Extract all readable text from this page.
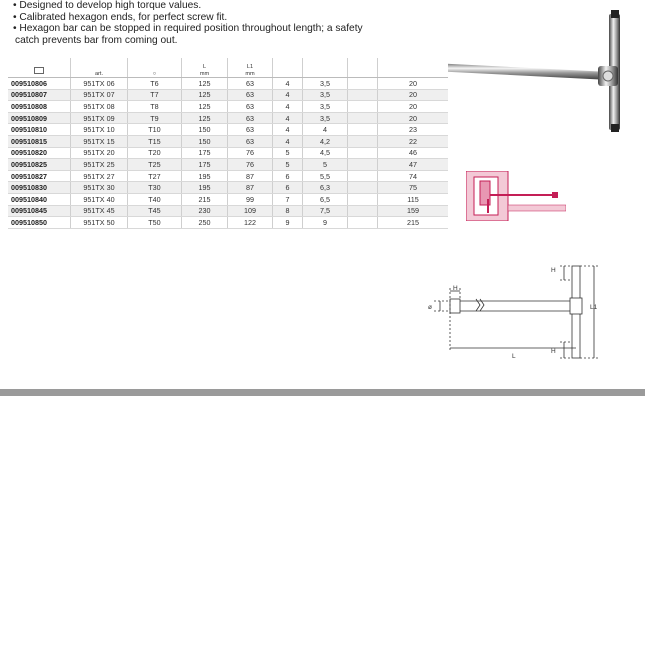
• Designed to develop high torque values.
• Calibrated hexagon ends, for perfect screw fit.
• Hexagon bar can be stopped in required position throughout length; a safety
catch prevents bar from coming out.
H
H
H
L1
L
ø
	art.	○	L
mm	L1
mm				
009510806	951TX 06	T6	125	63	4	3,5		20
009510807	951TX 07	T7	125	63	4	3,5		20
009510808	951TX 08	T8	125	63	4	3,5		20
009510809	951TX 09	T9	125	63	4	3,5		20
009510810	951TX 10	T10	150	63	4	4		23
009510815	951TX 15	T15	150	63	4	4,2		22
009510820	951TX 20	T20	175	76	5	4,5		46
009510825	951TX 25	T25	175	76	5	5		47
009510827	951TX 27	T27	195	87	6	5,5		74
009510830	951TX 30	T30	195	87	6	6,3		75
009510840	951TX 40	T40	215	99	7	6,5		115
009510845	951TX 45	T45	230	109	8	7,5		159
009510850	951TX 50	T50	250	122	9	9		215
